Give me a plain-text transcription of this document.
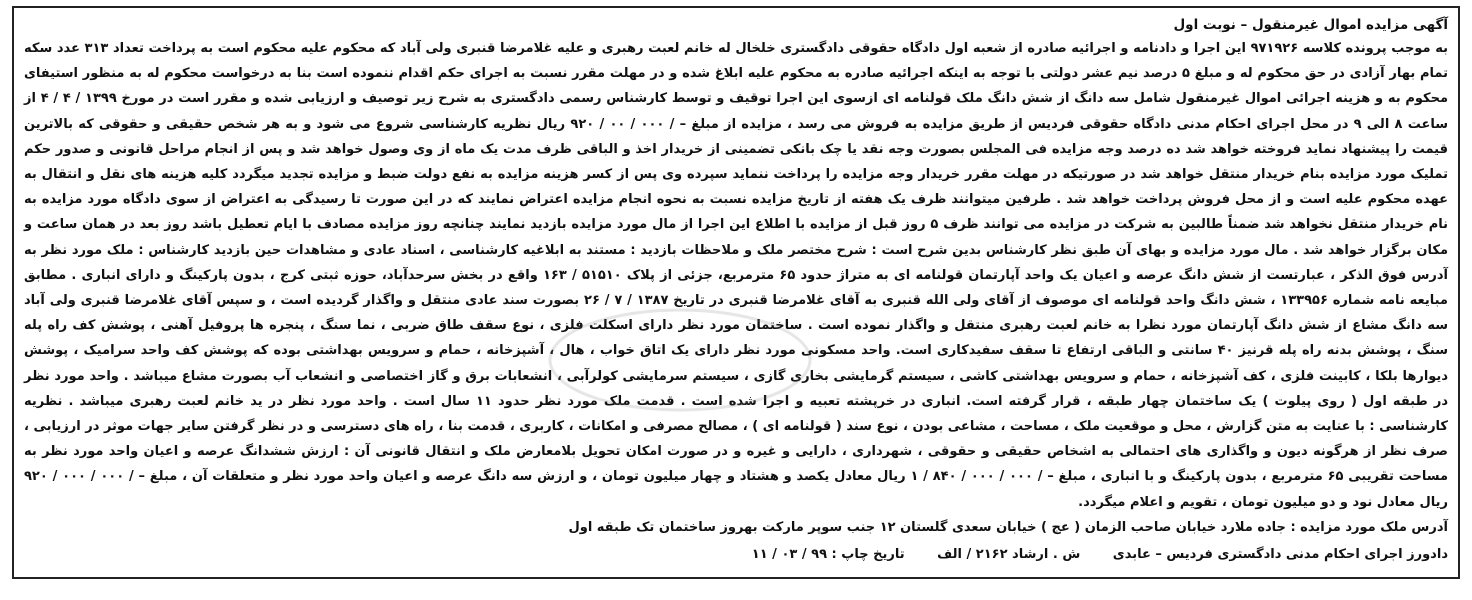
آگهی مزایده اموال غیرمنقول – نوبت اول

به موجب پرونده کلاسه ۹۷۱۹۲۶ این اجرا و دادنامه و اجرائیه صادره از شعبه اول دادگاه حقوقی دادگستری خلخال له خانم لعبت رهبری و علیه غلامرضا قنبری ولی آباد که محکوم علیه محکوم است به پرداخت تعداد ۳۱۳ عدد سکه تمام بهار آزادی در حق محکوم له و مبلغ ۵ درصد نیم عشر دولتی با توجه به اینکه اجرائیه صادره به محکوم علیه ابلاغ شده و در مهلت مقرر نسبت به اجرای حکم اقدام ننموده است بنا به درخواست محکوم له به منظور استیفای محکوم به و هزینه اجرائی اموال غیرمنقول شامل سه دانگ از شش دانگ ملک قولنامه ای ازسوی این اجرا توقیف و توسط کارشناس رسمی دادگستری به شرح زیر توصیف و ارزیابی شده و مقرر است در مورخ ۱۳۹۹ / ۴ / ۴ از ساعت ۸ الی ۹ در محل اجرای احکام مدنی دادگاه حقوقی فردیس از طریق مزایده به فروش می رسد ، مزایده از مبلغ – / ۰۰۰ / ۰۰ / ۹۲۰ ریال نظریه کارشناسی شروع می شود و به هر شخص حقیقی و حقوقی که بالاترین قیمت را پیشنهاد نماید فروخته خواهد شد ده درصد وجه مزایده فی المجلس بصورت وجه نقد یا چک بانکی تضمینی از خریدار اخذ و الباقی ظرف مدت یک ماه از وی وصول خواهد شد و پس از انجام مراحل قانونی و صدور حکم تملیک مورد مزایده بنام خریدار منتقل خواهد شد در صورتیکه در مهلت مقرر خریدار وجه مزایده را پرداخت ننماید سپرده وی پس از کسر هزینه مزایده به نفع دولت ضبط و مزایده تجدید میگردد کلیه هزینه های نقل و انتقال به عهده محکوم علیه است و از محل فروش پرداخت خواهد شد . طرفین میتوانند ظرف یک هفته از تاریخ مزایده نسبت به نحوه انجام مزایده اعتراض نمایند که در این صورت تا رسیدگی به اعتراض از سوی دادگاه مورد مزایده به نام خریدار منتقل نخواهد شد ضمناً طالبین به شرکت در مزایده می توانند ظرف ۵ روز قبل از مزایده با اطلاع این اجرا از مال مورد مزایده بازدید نمایند چنانچه روز مزایده مصادف با ایام تعطیل باشد روز بعد در همان ساعت و مکان برگزار خواهد شد . مال مورد مزایده و بهای آن طبق نظر کارشناس بدین شرح است : شرح مختصر ملک و ملاحظات بازدید : مستند به ابلاغیه کارشناسی ، اسناد عادی و مشاهدات حین بازدید کارشناس : ملک مورد نظر به آدرس فوق الذکر ، عبارتست از شش دانگ عرصه و اعیان یک واحد آپارتمان قولنامه ای به متراژ حدود ۶۵ مترمربع، جزئی از پلاک ۵۱۵۱۰ / ۱۶۳ واقع در بخش سرحدآباد، حوزه ثبتی کرج ، بدون پارکینگ و دارای انباری . مطابق مبایعه نامه شماره ۱۳۳۹۵۶ ، شش دانگ واحد قولنامه ای موصوف از آقای ولی الله قنبری به آقای غلامرضا قنبری در تاریخ ۱۳۸۷ / ۷ / ۲۶ بصورت سند عادی منتقل و واگذار گردیده است ، و سپس آقای غلامرضا قنبری ولی آباد سه دانگ مشاع از شش دانگ آپارتمان مورد نظرا به خانم لعبت رهبری منتقل و واگذار نموده است . ساختمان مورد نظر دارای اسکلت فلزی ، نوع سقف طاق ضربی ، نما سنگ ، پنجره ها پروفیل آهنی ، پوشش کف راه پله سنگ ، پوشش بدنه راه پله قرنیز ۴۰ سانتی و الباقی ارتفاع تا سقف سفیدکاری است. واحد مسکونی مورد نظر دارای یک اتاق خواب ، هال ، آشپزخانه ، حمام و سرویس بهداشتی بوده که پوشش کف واحد سرامیک ، پوشش دیوارها بلکا ، کابینت فلزی ، کف آشپزخانه ، حمام و سرویس بهداشتی کاشی ، سیستم گرمایشی بخاری گازی ، سیستم سرمایشی کولرآبی ، انشعابات برق و گاز اختصاصی و انشعاب آب بصورت مشاع میباشد . واحد مورد نظر در طبقه اول ( روی پیلوت ) یک ساختمان چهار طبقه ، قرار گرفته است. انباری در خرپشته تعبیه و اجرا شده است . قدمت ملک مورد نظر حدود ۱۱ سال است . واحد مورد نظر در ید خانم لعبت رهبری میباشد . نظریه کارشناسی : با عنایت به متن گزارش ، محل و موقعیت ملک ، مساحت ، مشاعی بودن ، نوع سند ( قولنامه ای ) ، مصالح مصرفی و امکانات ، کاربری ، قدمت بنا ، راه های دسترسی و در نظر گرفتن سایر جهات موثر در ارزیابی ، صرف نظر از هرگونه دیون و واگذاری های احتمالی به اشخاص حقیقی و حقوقی ، شهرداری ، دارایی و غیره و در صورت امکان تحویل بلامعارض ملک و انتقال قانونی آن : ارزش ششدانگ عرصه و اعیان واحد مورد نظر به مساحت تقریبی ۶۵ مترمربع ، بدون پارکینگ و با انباری ، مبلغ – / ۰۰۰ / ۰۰۰ / ۸۴۰ / ۱ ریال معادل یکصد و هشتاد و چهار میلیون تومان ، و ارزش سه دانگ عرصه و اعیان واحد مورد نظر و متعلقات آن ، مبلغ – / ۰۰۰ / ۰۰۰ / ۹۲۰ ریال معادل نود و دو میلیون تومان ، تقویم و اعلام میگردد.

آدرس ملک مورد مزایده : جاده ملارد خیابان صاحب الزمان ( عج ) خیابان سعدی گلستان ۱۲ جنب سوپر مارکت بهروز ساختمان تک طبقه اول

دادورز اجرای احکام مدنی دادگستری فردیس – عابدی ش . ارشاد ۲۱۶۲ / الف تاریخ چاپ : ۹۹ / ۰۳ / ۱۱
